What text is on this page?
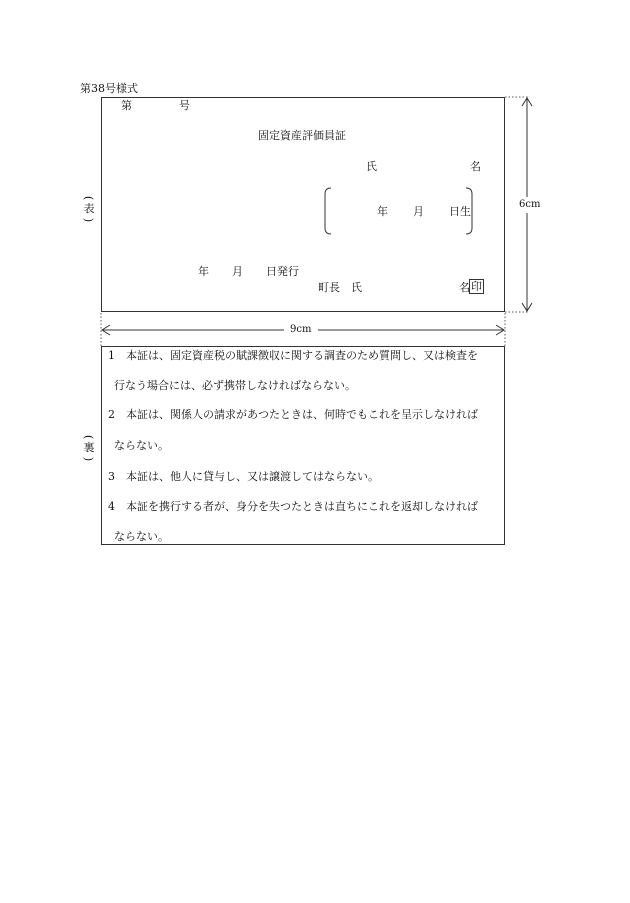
第38号様式
第	号
固定資産評価員証
氏	名
年 月 日生
年 月 日発行
町長　氏	名 印
(
表
)
6cm
9cm
1　本証は、固定資産税の賦課徴収に関する調査のため質問し、又は検査を
行なう場合には、必ず携帯しなければならない。
2　本証は、関係人の請求があつたときは、何時でもこれを呈示しなければ
ならない。
3　本証は、他人に貸与し、又は譲渡してはならない。
4　本証を携行する者が、身分を失つたときは直ちにこれを返却しなければ
ならない。
(
裏
)
